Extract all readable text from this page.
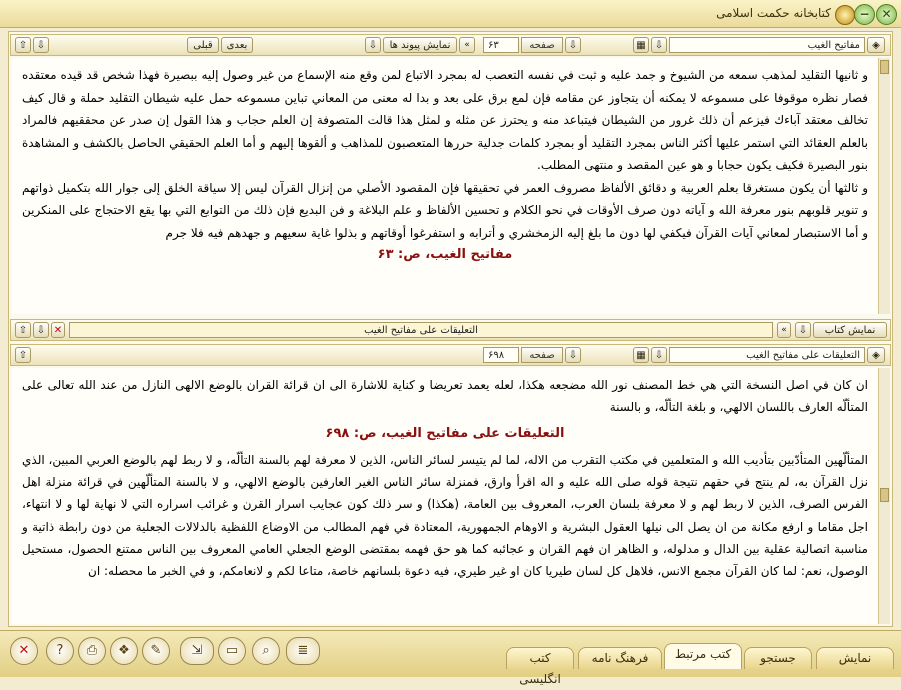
✕
−
کتابخانه حکمت اسلامی
⇧ ⇩	قبلی	بعدی	⇩	نمایش پیوند ها	«	۶۳	صفحه	⇩	▦ ⇩	مفاتیح الغیب	◈

و ثانيها التقليد لمذهب سمعه من الشيوخ و جمد عليه و ثبت في نفسه التعصب له بمجرد الاتباع لمن وقع منه الإسماع من غير وصول إليه ببصيرة فهذا شخص قد قيده معتقده فصار نظره موقوفا على مسموعه لا يمكنه أن يتجاوز عن مقامه فإن لمع برق على بعد و بدا له معنى من المعاني تباين مسموعه حمل عليه شيطان التقليد حملة و قال كيف تخالف معتقد آباءك فيزعم أن ذلك غرور من الشيطان فيتباعد منه و يحترز عن مثله و لمثل هذا قالت المتصوفة إن العلم حجاب و هذا القول إن صدر عن محققيهم فالمراد بالعلم العقائد التي استمر عليها أكثر الناس بمجرد التقليد أو بمجرد كلمات جدلية حررها المتعصبون للمذاهب و ألقوها إليهم و أما العلم الحقيقي الحاصل بالكشف و المشاهدة بنور البصيرة فكيف يكون حجابا و هو عين المقصد و منتهى المطلب.

و ثالثها أن يكون مستغرقا بعلم العربية و دقائق الألفاظ مصروف العمر في تحقيقها فإن المقصود الأصلي من إنزال القرآن ليس إلا سياقة الخلق إلى جوار الله بتكميل ذواتهم و تنوير قلوبهم بنور معرفة الله و آياته دون صرف الأوقات في نحو الكلام و تحسين الألفاظ و علم البلاغة و فن البديع فإن ذلك من التوابع التي بها يقع الاحتجاج على المنكرين و أما الاستبصار لمعاني آيات القرآن فيكفي لها دون ما بلغ إليه الزمخشري و أترابه و استفرغوا أوقاتهم و بذلوا غاية سعيهم و جهدهم فيه فلا جرم

مفاتيح الغيب، ص: ۶۳
⇧ ⇩ ✕	التعليقات على مفاتيح الغيب	«	⇩	نمایش کتاب
⇧	۶۹۸	صفحه	⇩	▦ ⇩	التعليقات على مفاتيح الغيب	◈

ان كان في اصل النسخة التي هي خط المصنف نور الله مضجعه هكذا، لعله يعمد تعريضا و كناية للاشارة الى ان قرائة القران بالوضع الالهى النازل من عند الله تعالى على المتألّه العارف باللسان الالهي، و بلغة التألّه، و بالسنة

التعليقات على مفاتيح الغيب، ص: ۶۹۸

المتألّهين المتأدّبين بتأديب الله و المتعلمين في مكتب التقرب من الاله، لما لم يتيسر لسائر الناس، الذين لا معرفة لهم بالسنة التألّه، و لا ربط لهم بالوضع العربي المبين، الذي نزل القرآن به، لم ينتج في حقهم نتيجة قوله صلى الله عليه و اله اقرأ وارق، فمنزلة سائر الناس الغير العارفين بالوضع الالهي، و لا بالسنة المتألّهين في قرائة منزلة اهل الفرس الصرف، الذين لا ربط لهم و لا معرفة بلسان العرب، المعروف بين العامة، (هكذا) و سر ذلك كون عجايب اسرار القرن و غرائب اسراره التي لا نهاية لها و لا انتهاء، اجل مقاما و ارفع مكانة من ان يصل الى نيلها العقول البشرية و الاوهام الجمهورية، المعتادة في فهم المطالب من الاوضاع اللفظية بالدلالات الجعلية من دون رابطة ذاتية و مناسبة اتصالية عقلية بين الدال و مدلوله، و الظاهر ان فهم القران و عجائبه كما هو حق فهمه بمقتضى الوضع الجعلي العامي المعروف بين الناس ممتنع الحصول، مستحيل الوصول، نعم: لما كان القرآن مجمع الانس، فلاهل كل لسان طيريا كان او غير طيري، فيه دعوة بلسانهم خاصة، متاعا لكم و لانعامكم، و في الخبر ما محصله: ان

✕	?	⎙	❖	✎	⇲	▭	⌕	≣	کتب انگلیسی
فرهنگ نامه	کتب مرتبط	جستجو	نمایش
